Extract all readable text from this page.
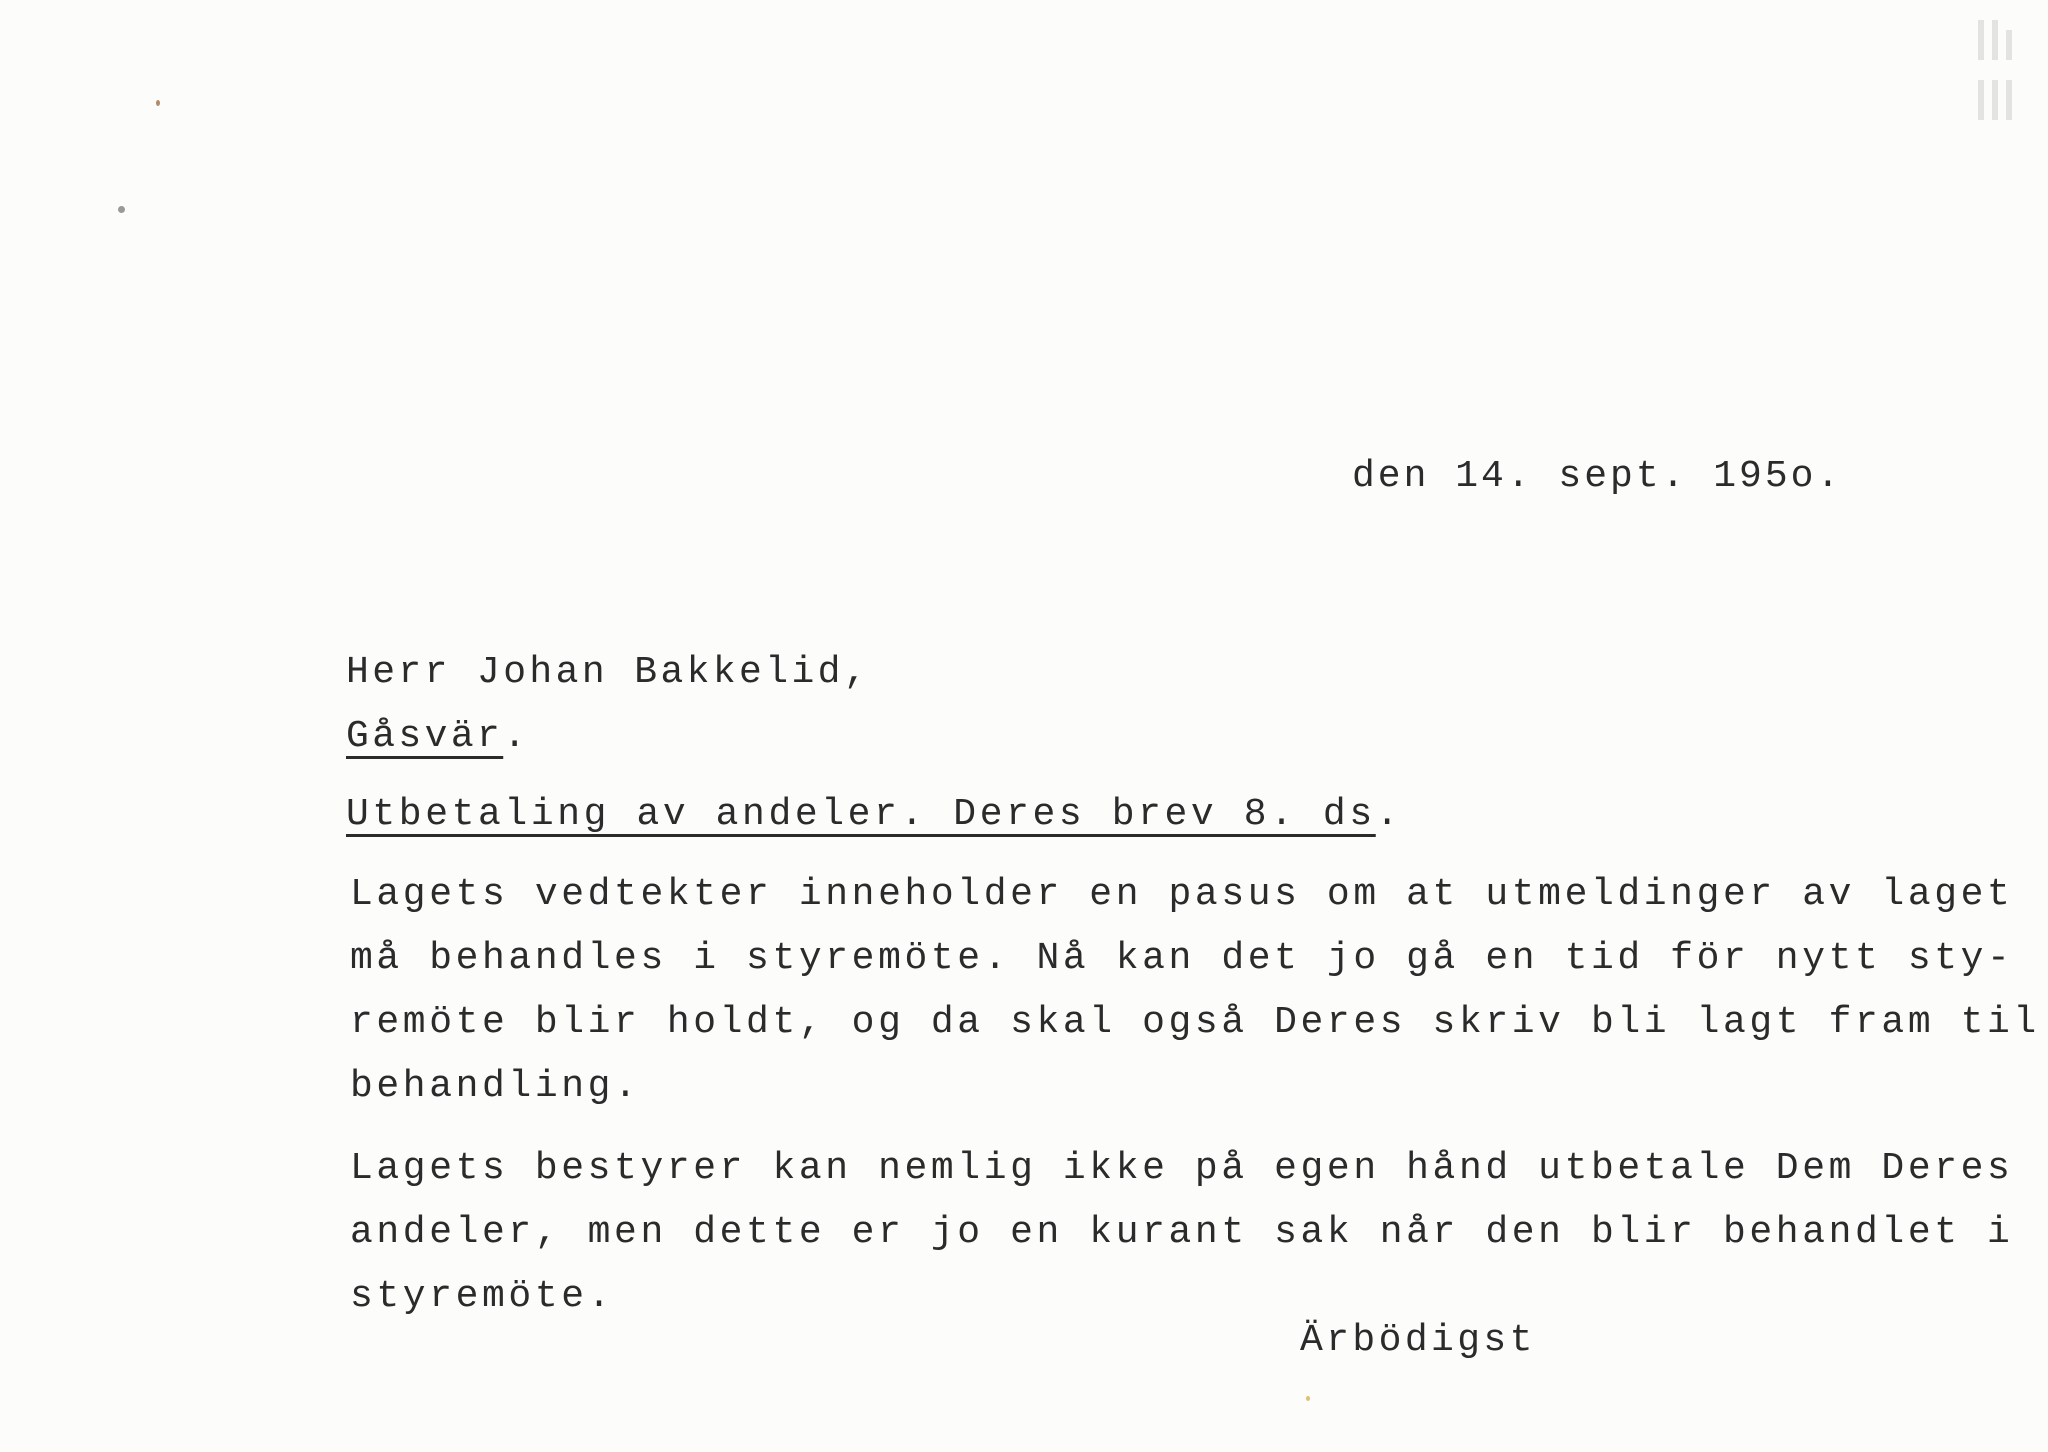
den 14. sept. 195o.
Herr Johan Bakkelid,
Gåsvär.
Utbetaling av andeler. Deres brev 8. ds.
Lagets vedtekter inneholder en pasus om at utmeldinger av laget
må behandles i styremöte. Nå kan det jo gå en tid för nytt sty-
remöte blir holdt, og da skal også Deres skriv bli lagt fram til
behandling.
Lagets bestyrer kan nemlig ikke på egen hånd utbetale Dem Deres
andeler, men dette er jo en kurant sak når den blir behandlet i
styremöte.
Ärbödigst
